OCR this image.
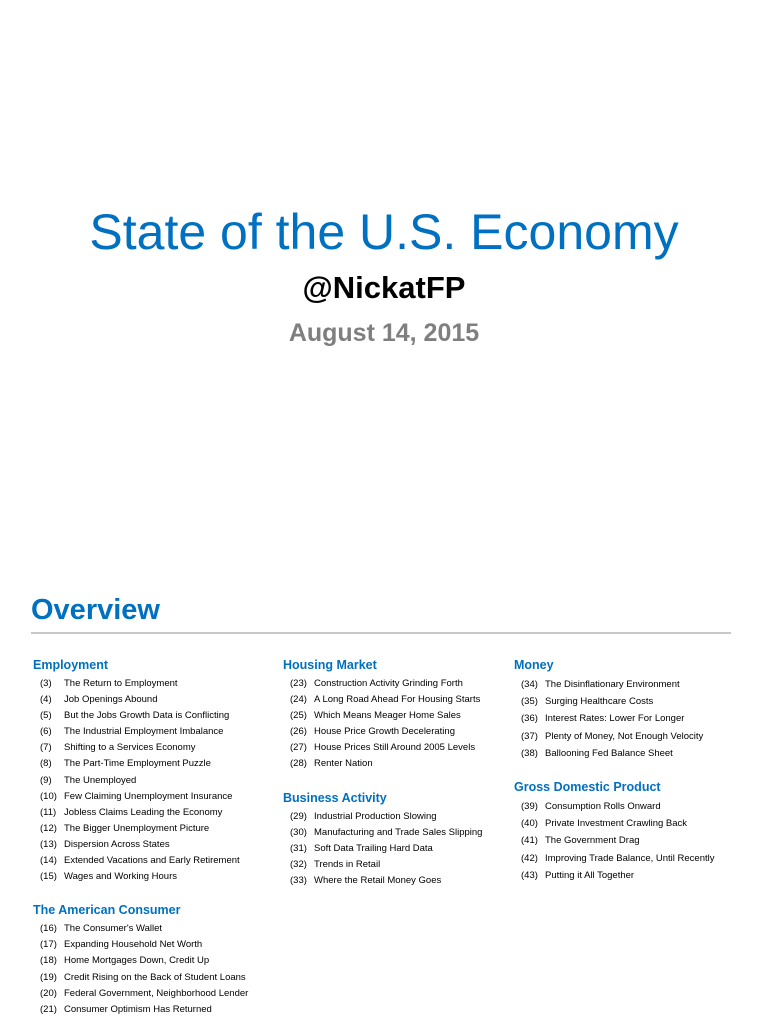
State of the U.S. Economy
@NickatFP
August 14, 2015
Overview
Employment
(3) The Return to Employment
(4) Job Openings Abound
(5) But the Jobs Growth Data is Conflicting
(6) The Industrial Employment Imbalance
(7) Shifting to a Services Economy
(8) The Part-Time Employment Puzzle
(9) The Unemployed
(10) Few Claiming Unemployment Insurance
(11) Jobless Claims Leading the Economy
(12) The Bigger Unemployment Picture
(13) Dispersion Across States
(14) Extended Vacations and Early Retirement
(15) Wages and Working Hours
The American Consumer
(16) The Consumer's Wallet
(17) Expanding Household Net Worth
(18) Home Mortgages Down, Credit Up
(19) Credit Rising on the Back of Student Loans
(20) Federal Government, Neighborhood Lender
(21) Consumer Optimism Has Returned
Housing Market
(23) Construction Activity Grinding Forth
(24) A Long Road Ahead For Housing Starts
(25) Which Means Meager Home Sales
(26) House Price Growth Decelerating
(27) House Prices Still Around 2005 Levels
(28) Renter Nation
Business Activity
(29) Industrial Production Slowing
(30) Manufacturing and Trade Sales Slipping
(31) Soft Data Trailing Hard Data
(32) Trends in Retail
(33) Where the Retail Money Goes
Money
(34) The Disinflationary Environment
(35) Surging Healthcare Costs
(36) Interest Rates: Lower For Longer
(37) Plenty of Money, Not Enough Velocity
(38) Ballooning Fed Balance Sheet
Gross Domestic Product
(39) Consumption Rolls Onward
(40) Private Investment Crawling Back
(41) The Government Drag
(42) Improving Trade Balance, Until Recently
(43) Putting it All Together
